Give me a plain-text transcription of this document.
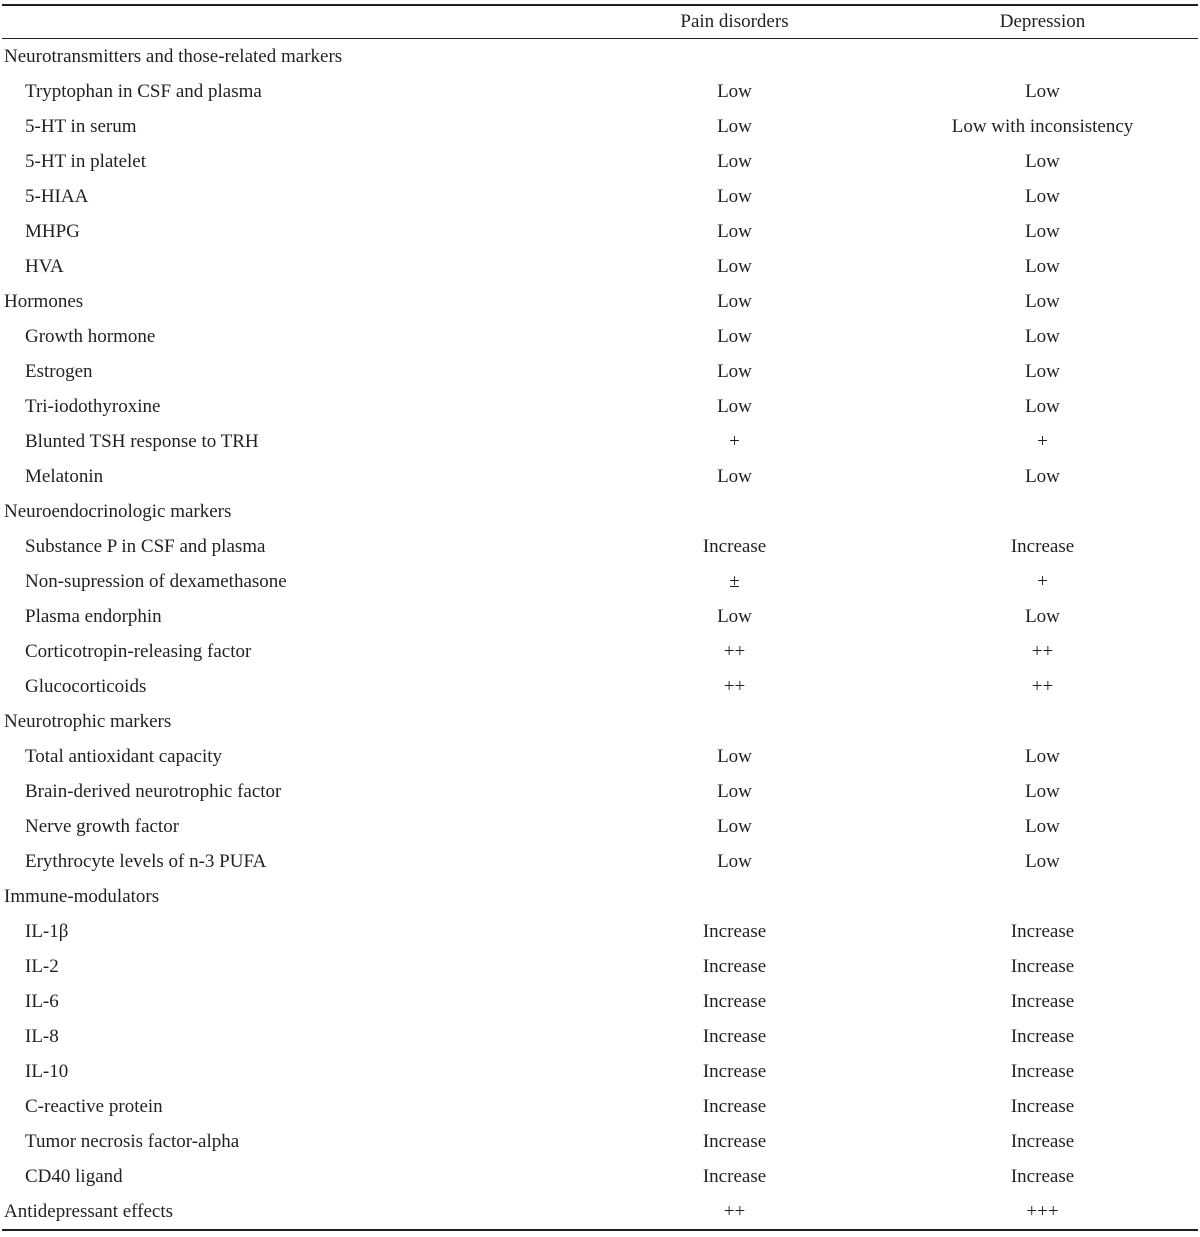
	Pain disorders	Depression
Neurotransmitters and those-related markers		
Tryptophan in CSF and plasma	Low	Low
5-HT in serum	Low	Low with inconsistency
5-HT in platelet	Low	Low
5-HIAA	Low	Low
MHPG	Low	Low
HVA	Low	Low
Hormones	Low	Low
Growth hormone	Low	Low
Estrogen	Low	Low
Tri-iodothyroxine	Low	Low
Blunted TSH response to TRH	+	+
Melatonin	Low	Low
Neuroendocrinologic markers		
Substance P in CSF and plasma	Increase	Increase
Non-supression of dexamethasone	±	+
Plasma endorphin	Low	Low
Corticotropin-releasing factor	++	++
Glucocorticoids	++	++
Neurotrophic markers		
Total antioxidant capacity	Low	Low
Brain-derived neurotrophic factor	Low	Low
Nerve growth factor	Low	Low
Erythrocyte levels of n-3 PUFA	Low	Low
Immune-modulators		
IL-1β	Increase	Increase
IL-2	Increase	Increase
IL-6	Increase	Increase
IL-8	Increase	Increase
IL-10	Increase	Increase
C-reactive protein	Increase	Increase
Tumor necrosis factor-alpha	Increase	Increase
CD40 ligand	Increase	Increase
Antidepressant effects	++	+++
